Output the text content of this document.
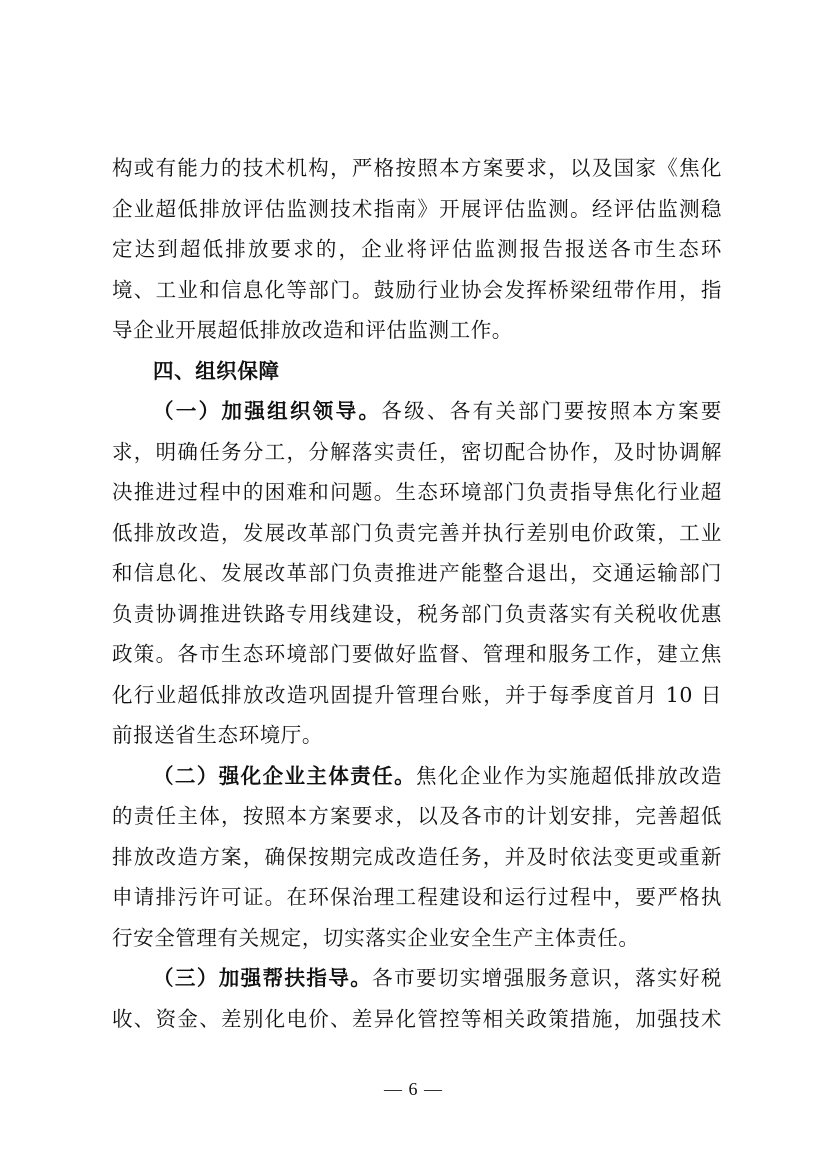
构或有能力的技术机构，严格按照本方案要求，以及国家《焦化企业超低排放评估监测技术指南》开展评估监测。经评估监测稳定达到超低排放要求的，企业将评估监测报告报送各市生态环境、工业和信息化等部门。鼓励行业协会发挥桥梁纽带作用，指导企业开展超低排放改造和评估监测工作。

四、组织保障

（一）加强组织领导。各级、各有关部门要按照本方案要求，明确任务分工，分解落实责任，密切配合协作，及时协调解决推进过程中的困难和问题。生态环境部门负责指导焦化行业超低排放改造，发展改革部门负责完善并执行差别电价政策，工业和信息化、发展改革部门负责推进产能整合退出，交通运输部门负责协调推进铁路专用线建设，税务部门负责落实有关税收优惠政策。各市生态环境部门要做好监督、管理和服务工作，建立焦化行业超低排放改造巩固提升管理台账，并于每季度首月 10 日前报送省生态环境厅。

（二）强化企业主体责任。焦化企业作为实施超低排放改造的责任主体，按照本方案要求，以及各市的计划安排，完善超低排放改造方案，确保按期完成改造任务，并及时依法变更或重新申请排污许可证。在环保治理工程建设和运行过程中，要严格执行安全管理有关规定，切实落实企业安全生产主体责任。

（三）加强帮扶指导。各市要切实增强服务意识，落实好税收、资金、差别化电价、差异化管控等相关政策措施，加强技术

— 6 —
